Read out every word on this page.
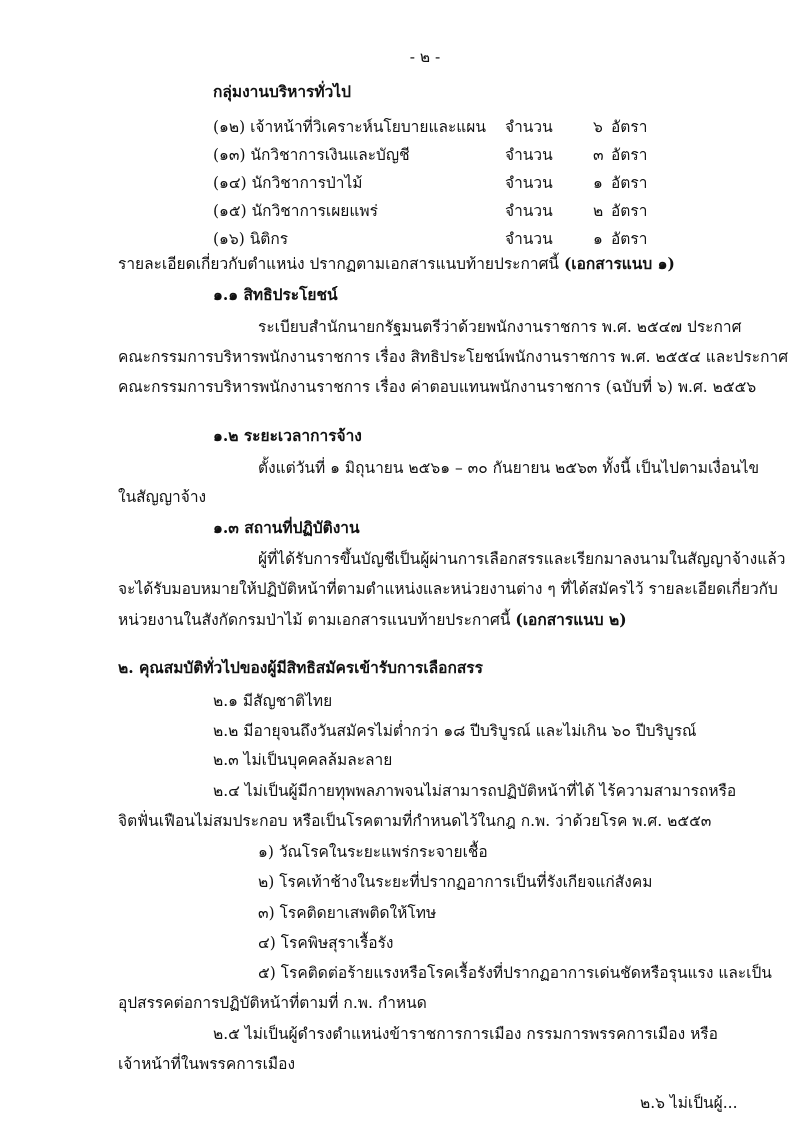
- ๒ -
กลุ่มงานบริหารทั่วไป
(๑๒) เจ้าหน้าที่วิเคราะห์นโยบายและแผน จำนวน	๖ อัตรา
(๑๓) นักวิชาการเงินและบัญชี	จำนวน	๓ อัตรา
(๑๔) นักวิชาการป่าไม้	จำนวน	๑ อัตรา
(๑๕) นักวิชาการเผยแพร่	จำนวน	๒ อัตรา
(๑๖) นิติกร	จำนวน	๑ อัตรา
รายละเอียดเกี่ยวกับตำแหน่ง ปรากฏตามเอกสารแนบท้ายประกาศนี้ (เอกสารแนบ ๑)
๑.๑ สิทธิประโยชน์
ระเบียบสำนักนายกรัฐมนตรีว่าด้วยพนักงานราชการ พ.ศ. ๒๕๔๗ ประกาศ
คณะกรรมการบริหารพนักงานราชการ เรื่อง สิทธิประโยชน์พนักงานราชการ พ.ศ. ๒๕๕๔ และประกาศ
คณะกรรมการบริหารพนักงานราชการ เรื่อง ค่าตอบแทนพนักงานราชการ (ฉบับที่ ๖) พ.ศ. ๒๕๕๖
๑.๒ ระยะเวลาการจ้าง
ตั้งแต่วันที่ ๑ มิถุนายน ๒๕๖๑ – ๓๐ กันยายน ๒๕๖๓ ทั้งนี้ เป็นไปตามเงื่อนไข
ในสัญญาจ้าง
๑.๓ สถานที่ปฏิบัติงาน
ผู้ที่ได้รับการขึ้นบัญชีเป็นผู้ผ่านการเลือกสรรและเรียกมาลงนามในสัญญาจ้างแล้ว
จะได้รับมอบหมายให้ปฏิบัติหน้าที่ตามตำแหน่งและหน่วยงานต่าง ๆ ที่ได้สมัครไว้ รายละเอียดเกี่ยวกับ
หน่วยงานในสังกัดกรมป่าไม้ ตามเอกสารแนบท้ายประกาศนี้ (เอกสารแนบ ๒)
๒. คุณสมบัติทั่วไปของผู้มีสิทธิสมัครเข้ารับการเลือกสรร
๒.๑ มีสัญชาติไทย
๒.๒ มีอายุจนถึงวันสมัครไม่ต่ำกว่า ๑๘ ปีบริบูรณ์ และไม่เกิน ๖๐ ปีบริบูรณ์
๒.๓ ไม่เป็นบุคคลล้มละลาย
๒.๔ ไม่เป็นผู้มีกายทุพพลภาพจนไม่สามารถปฏิบัติหน้าที่ได้ ไร้ความสามารถหรือ
จิตฟั่นเฟือนไม่สมประกอบ หรือเป็นโรคตามที่กำหนดไว้ในกฎ ก.พ. ว่าด้วยโรค พ.ศ. ๒๕๕๓
๑) วัณโรคในระยะแพร่กระจายเชื้อ
๒) โรคเท้าช้างในระยะที่ปรากฏอาการเป็นที่รังเกียจแก่สังคม
๓) โรคติดยาเสพติดให้โทษ
๔) โรคพิษสุราเรื้อรัง
๕) โรคติดต่อร้ายแรงหรือโรคเรื้อรังที่ปรากฏอาการเด่นชัดหรือรุนแรง และเป็น
อุปสรรคต่อการปฏิบัติหน้าที่ตามที่ ก.พ. กำหนด
๒.๕ ไม่เป็นผู้ดำรงตำแหน่งข้าราชการการเมือง กรรมการพรรคการเมือง หรือ
เจ้าหน้าที่ในพรรคการเมือง
๒.๖ ไม่เป็นผู้...
